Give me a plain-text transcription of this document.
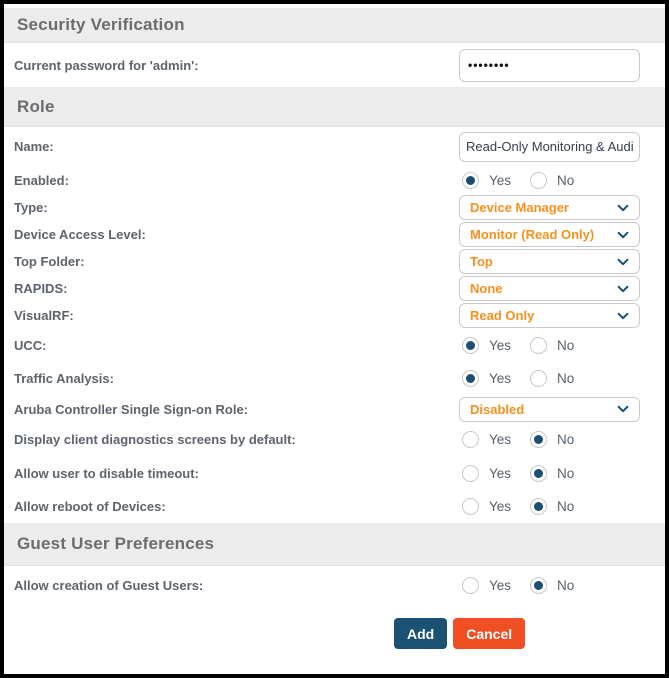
Security Verification
Current password for 'admin':
••••••••
Role
Name:
Read-Only Monitoring & Auditing
Enabled:	Yes	No
Type:	Device Manager
Device Access Level:	Monitor (Read Only)
Top Folder:	Top
RAPIDS:	None
VisualRF:	Read Only
UCC:	Yes	No
Traffic Analysis:	Yes	No
Aruba Controller Single Sign-on Role:	Disabled
Display client diagnostics screens by default:	Yes	No
Allow user to disable timeout:	Yes	No
Allow reboot of Devices:	Yes	No
Guest User Preferences
Allow creation of Guest Users:	Yes	No
Add	Cancel
